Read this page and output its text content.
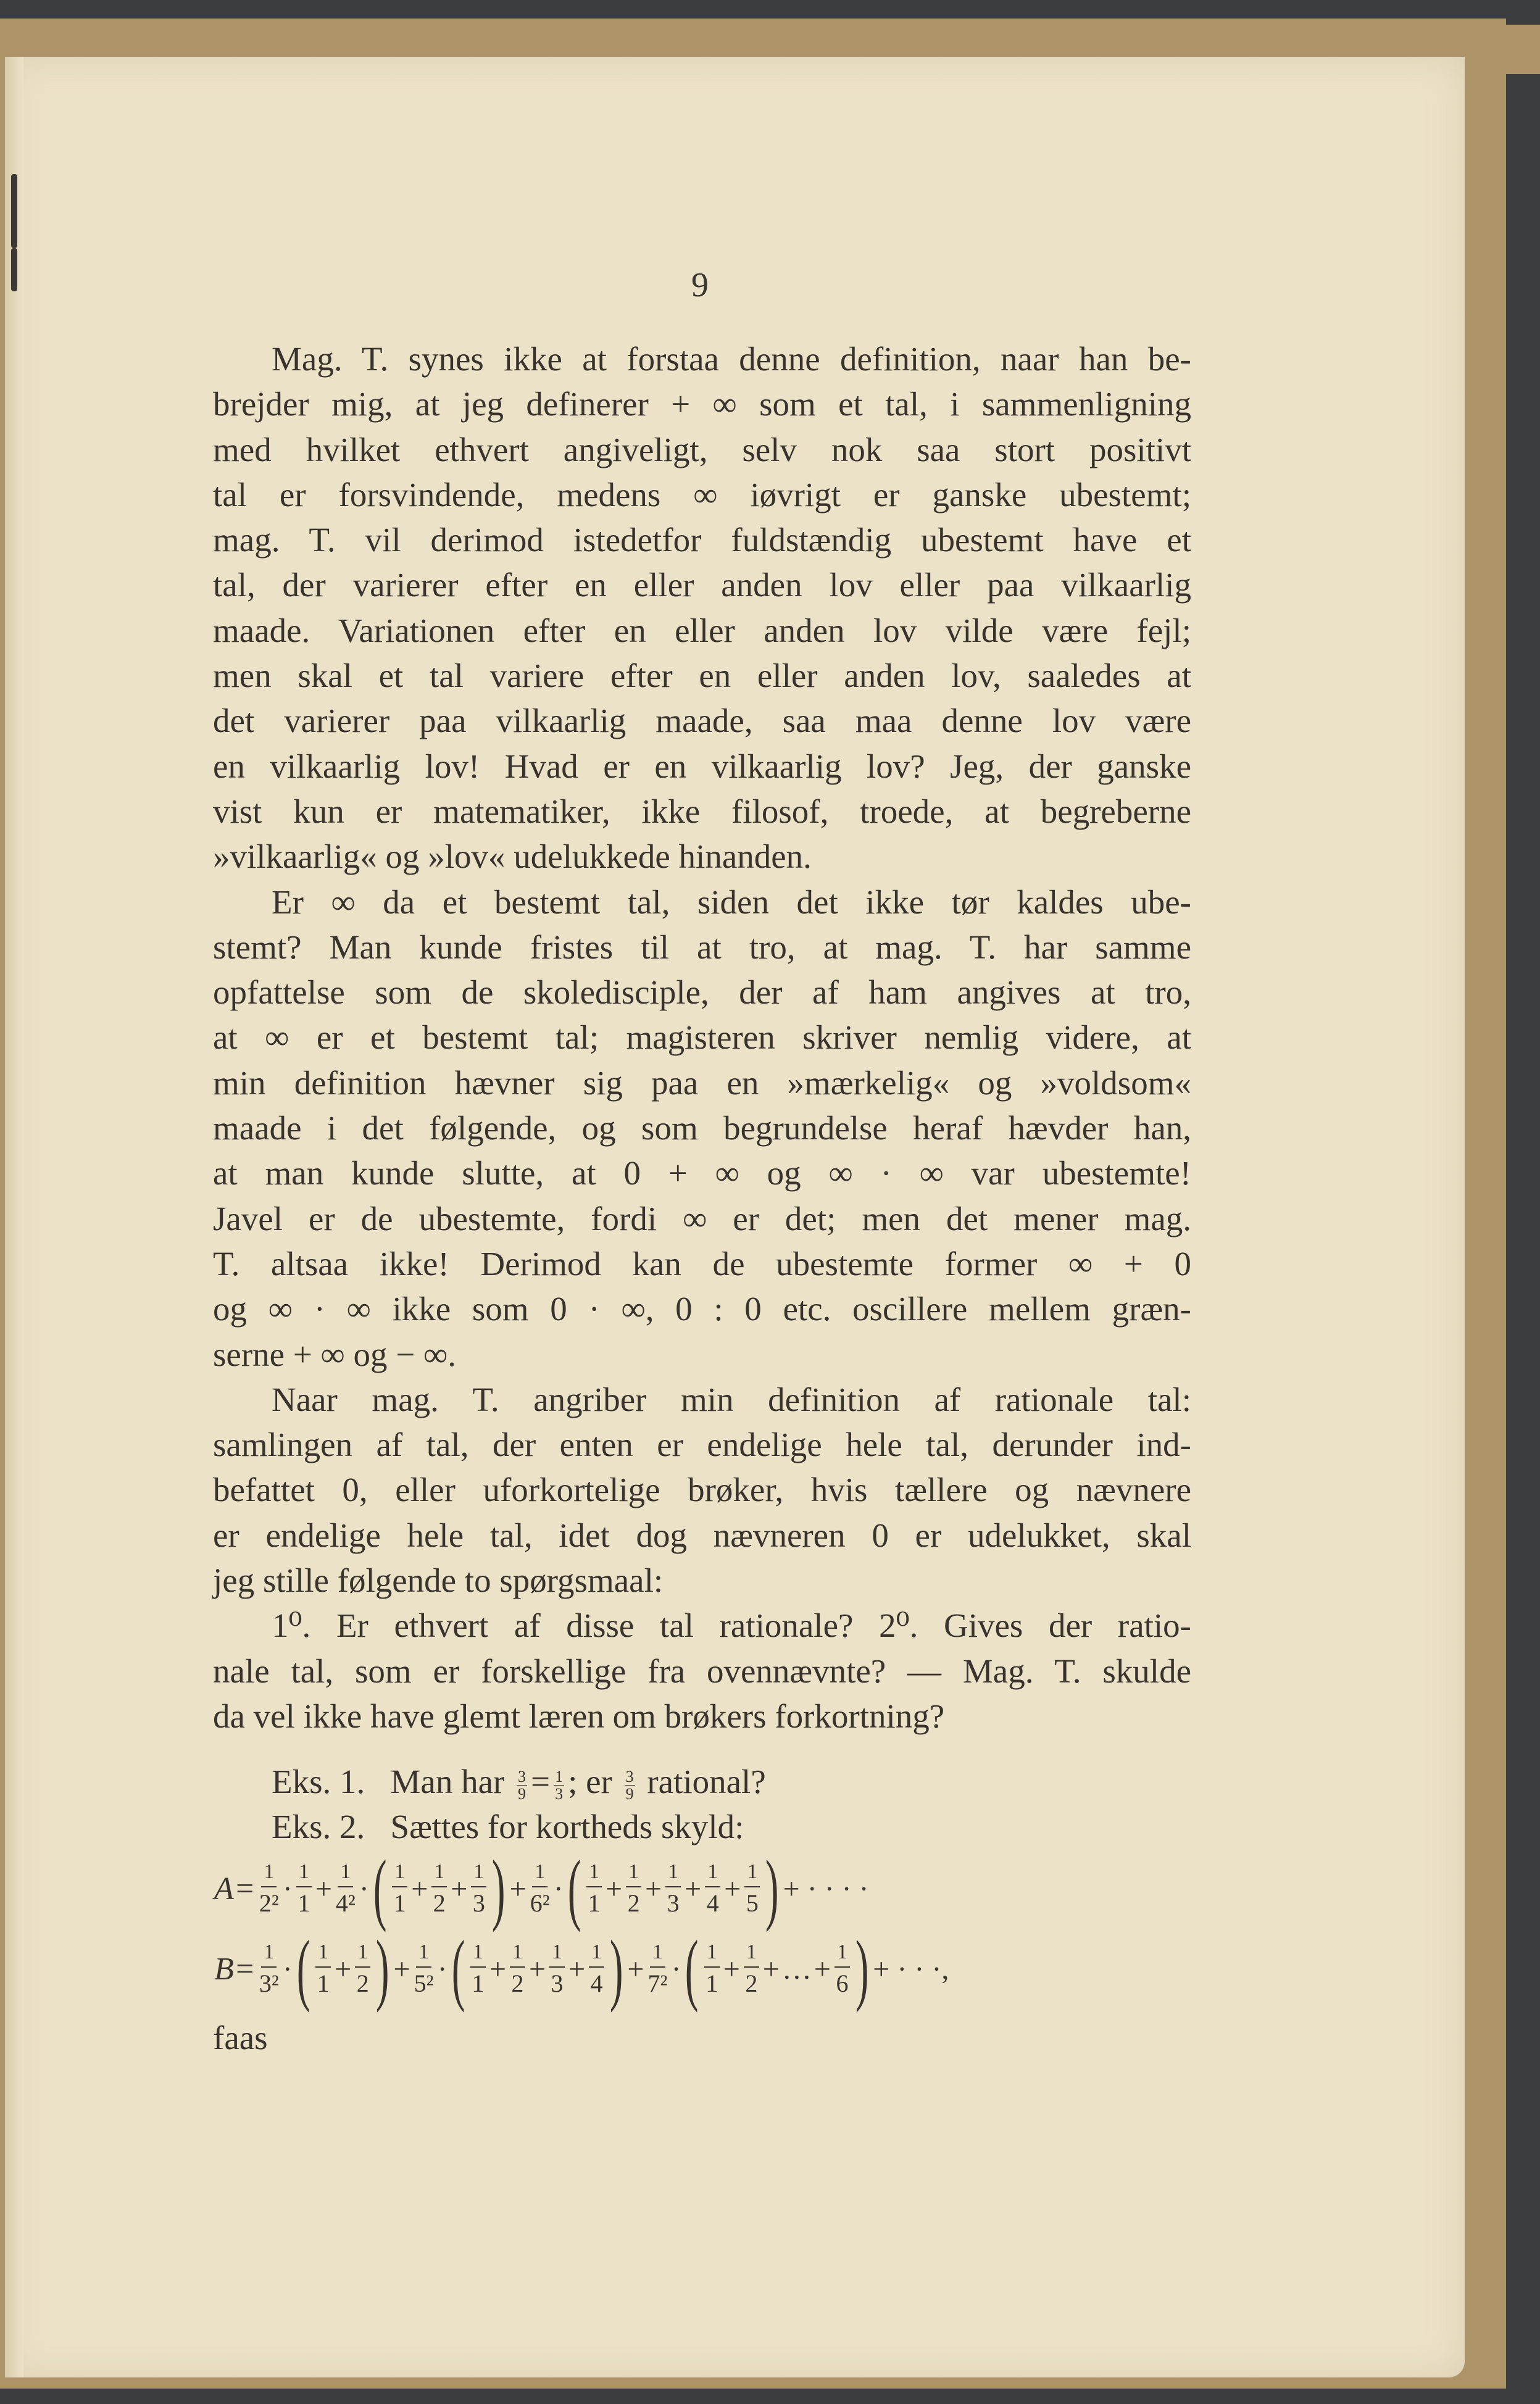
9
Mag. T. synes ikke at forstaa denne definition, naar han be-
brejder mig, at jeg definerer + ∞ som et tal, i sammenligning
med hvilket ethvert angiveligt, selv nok saa stort positivt
tal er forsvindende, medens ∞ iøvrigt er ganske ubestemt;
mag. T. vil derimod istedetfor fuldstændig ubestemt have et
tal, der varierer efter en eller anden lov eller paa vilkaarlig
maade. Variationen efter en eller anden lov vilde være fejl;
men skal et tal variere efter en eller anden lov, saaledes at
det varierer paa vilkaarlig maade, saa maa denne lov være
en vilkaarlig lov! Hvad er en vilkaarlig lov? Jeg, der ganske
vist kun er matematiker, ikke filosof, troede, at begreberne
»vilkaarlig« og »lov« udelukkede hinanden.
Er ∞ da et bestemt tal, siden det ikke tør kaldes ube-
stemt? Man kunde fristes til at tro, at mag. T. har samme
opfattelse som de skoledisciple, der af ham angives at tro,
at ∞ er et bestemt tal; magisteren skriver nemlig videre, at
min definition hævner sig paa en »mærkelig« og »voldsom«
maade i det følgende, og som begrundelse heraf hævder han,
at man kunde slutte, at 0 + ∞ og ∞ · ∞ var ubestemte!
Javel er de ubestemte, fordi ∞ er det; men det mener mag.
T. altsaa ikke! Derimod kan de ubestemte former ∞ + 0
og ∞ · ∞ ikke som 0 · ∞, 0 : 0 etc. oscillere mellem græn-
serne + ∞ og − ∞.
Naar mag. T. angriber min definition af rationale tal:
samlingen af tal, der enten er endelige hele tal, derunder ind-
befattet 0, eller uforkortelige brøker, hvis tællere og nævnere
er endelige hele tal, idet dog nævneren 0 er udelukket, skal
jeg stille følgende to spørgsmaal:
1⁰. Er ethvert af disse tal rationale? 2⁰. Gives der ratio-
nale tal, som er forskellige fra ovennævnte? — Mag. T. skulde
da vel ikke have glemt læren om brøkers forkortning?
Eks. 1. Man har $\frac{3}{9} = \frac{1}{3}$ ; er $\frac{3}{9}$ rational?
Eks. 2. Sættes for kortheds skyld:
$A= \frac{1}{\text{2²}} \cdot \frac{1}{1} + \frac{1}{\text{4²}}$ · ( $\frac{1}{1} + \frac{1}{2} + \frac{1}{3}$ ) + $\frac{1}{\text{6²}}$ · ( $\frac{1}{1} + \frac{1}{2} + \frac{1}{3} + \frac{1}{4} + \frac{1}{5}$ ) + · · · ·
$B= \frac{1}{\text{3²}}$ · ( $\frac{1}{1} + \frac{1}{2}$ ) + $\frac{1}{\text{5²}}$ · ( $\frac{1}{1} + \frac{1}{2} + \frac{1}{3} + \frac{1}{4}$ ) + $\frac{1}{\text{7²}}$ · ( $\frac{1}{1} + \frac{1}{2}$ + … + $\frac{1}{6}$ ) + · · ·,
faas
